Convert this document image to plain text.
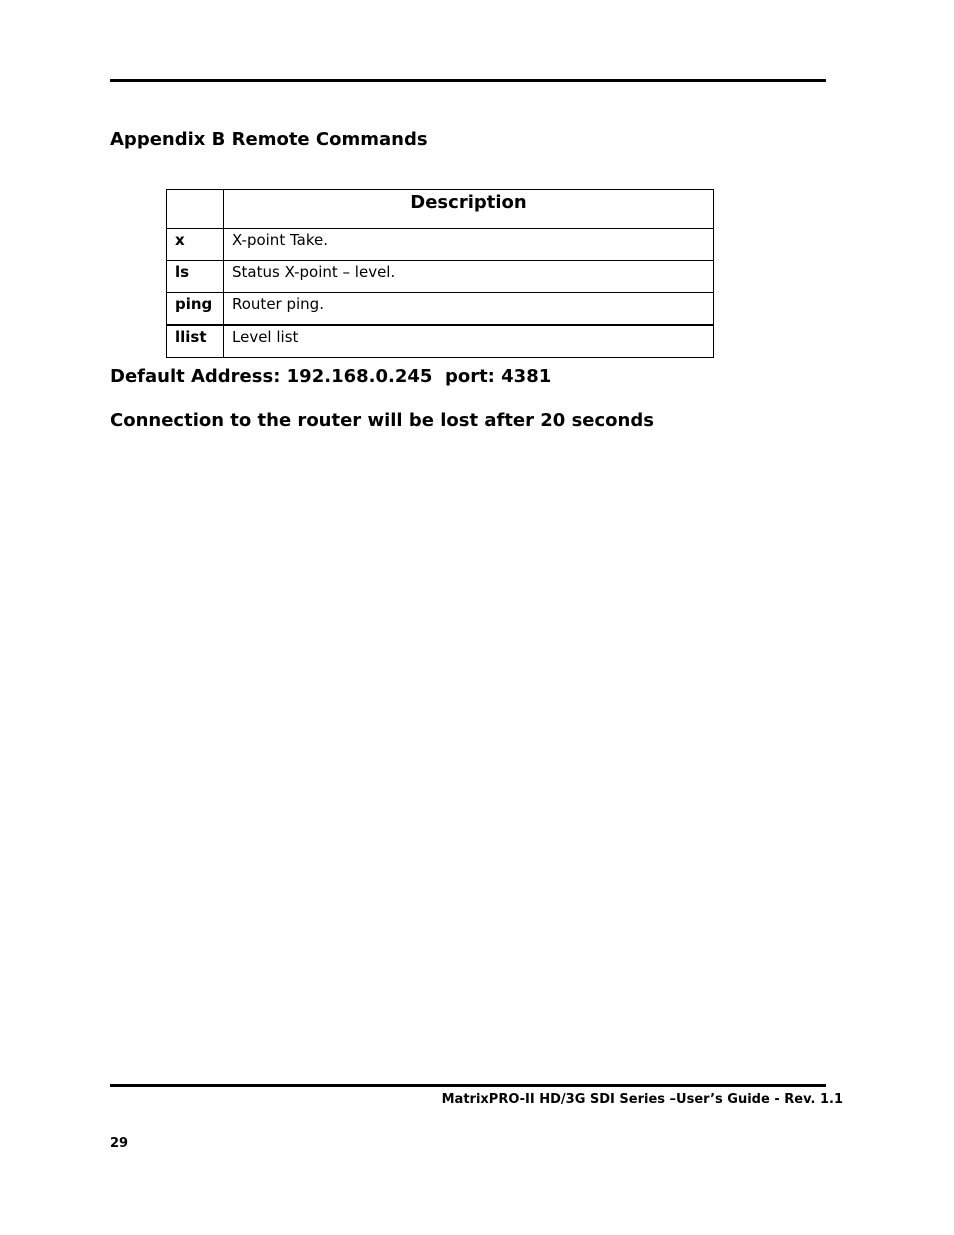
Appendix B Remote Commands
	Description
x	X-point Take.
ls	Status X-point – level.
ping	Router ping.
llist	Level list
Default Address: 192.168.0.245  port: 4381
Connection to the router will be lost after 20 seconds
MatrixPRO-II HD/3G SDI Series –User’s Guide - Rev. 1.1
29
